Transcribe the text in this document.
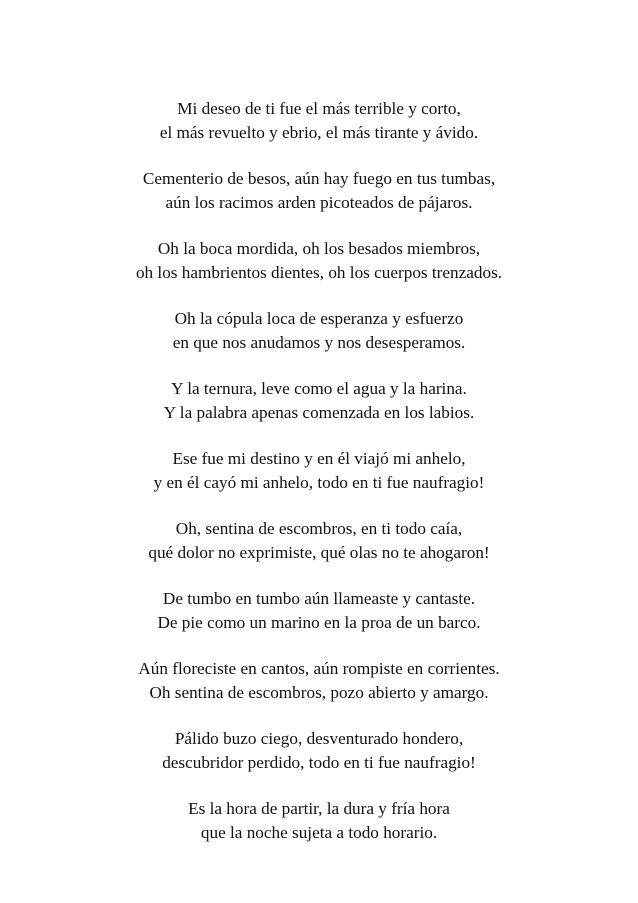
Mi deseo de ti fue el más terrible y corto,
el más revuelto y ebrio, el más tirante y ávido.
Cementerio de besos, aún hay fuego en tus tumbas,
aún los racimos arden picoteados de pájaros.
Oh la boca mordida, oh los besados miembros,
oh los hambrientos dientes, oh los cuerpos trenzados.
Oh la cópula loca de esperanza y esfuerzo
en que nos anudamos y nos desesperamos.
Y la ternura, leve como el agua y la harina.
Y la palabra apenas comenzada en los labios.
Ese fue mi destino y en él viajó mi anhelo,
y en él cayó mi anhelo, todo en ti fue naufragio!
Oh, sentina de escombros, en ti todo caía,
qué dolor no exprimiste, qué olas no te ahogaron!
De tumbo en tumbo aún llameaste y cantaste.
De pie como un marino en la proa de un barco.
Aún floreciste en cantos, aún rompiste en corrientes.
Oh sentina de escombros, pozo abierto y amargo.
Pálido buzo ciego, desventurado hondero,
descubridor perdido, todo en ti fue naufragio!
Es la hora de partir, la dura y fría hora
que la noche sujeta a todo horario.
